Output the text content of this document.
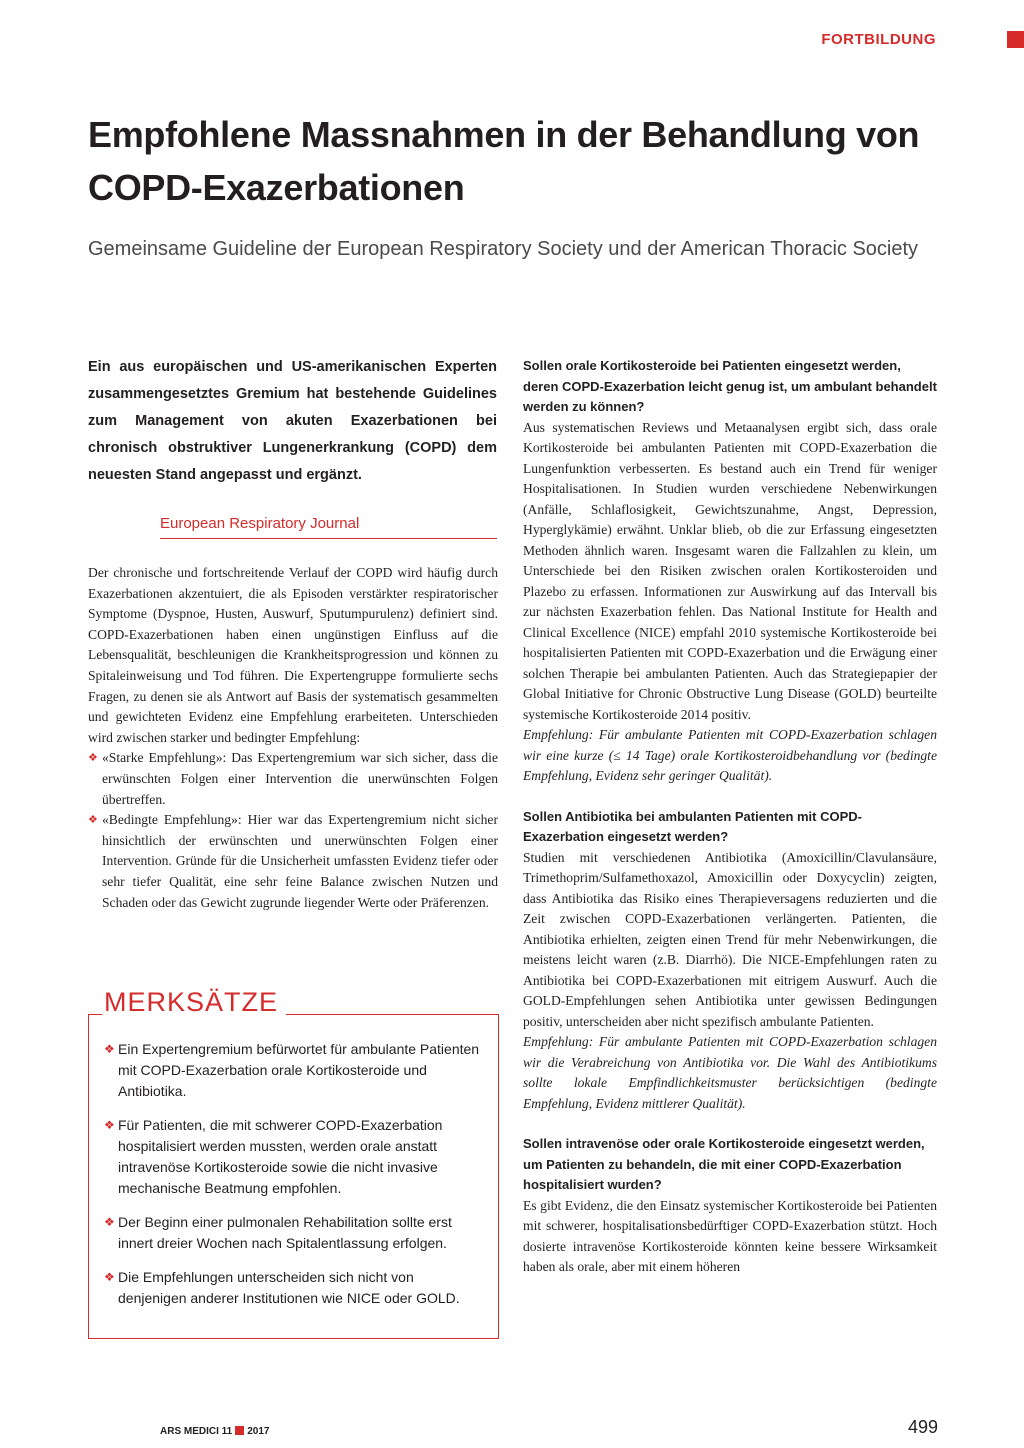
FORTBILDUNG
Empfohlene Massnahmen in der Behandlung von COPD-Exazerbationen
Gemeinsame Guideline der European Respiratory Society und der American Thoracic Society

Ein aus europäischen und US-amerikanischen Experten zusammengesetztes Gremium hat bestehende Guidelines zum Management von akuten Exazerbationen bei chronisch obstruktiver Lungenerkrankung (COPD) dem neuesten Stand angepasst und ergänzt.

European Respiratory Journal

Der chronische und fortschreitende Verlauf der COPD wird häufig durch Exazerbationen akzentuiert, die als Episoden verstärkter respiratorischer Symptome (Dyspnoe, Husten, Auswurf, Sputumpurulenz) definiert sind. COPD-Exazerbationen haben einen ungünstigen Einfluss auf die Lebensqualität, beschleunigen die Krankheitsprogression und können zu Spitaleinweisung und Tod führen. Die Expertengruppe formulierte sechs Fragen, zu denen sie als Antwort auf Basis der systematisch gesammelten und gewichteten Evidenz eine Empfehlung erarbeiteten. Unterschieden wird zwischen starker und bedingter Empfehlung:

❖ «Starke Empfehlung»: Das Expertengremium war sich sicher, dass die erwünschten Folgen einer Intervention die unerwünschten Folgen übertreffen.
❖ «Bedingte Empfehlung»: Hier war das Expertengremium nicht sicher hinsichtlich der erwünschten und unerwünschten Folgen einer Intervention. Gründe für die Unsicherheit umfassten Evidenz tiefer oder sehr tiefer Qualität, eine sehr feine Balance zwischen Nutzen und Schaden oder das Gewicht zugrunde liegender Werte oder Präferenzen.
MERKSÄTZE
❖ Ein Expertengremium befürwortet für ambulante Patienten mit COPD-Exazerbation orale Kortikosteroide und Antibiotika.
❖ Für Patienten, die mit schwerer COPD-Exazerbation hospitalisiert werden mussten, werden orale anstatt intravenöse Kortikosteroide sowie die nicht invasive mechanische Beatmung empfohlen.
❖ Der Beginn einer pulmonalen Rehabilitation sollte erst innert dreier Wochen nach Spitalentlassung erfolgen.
❖ Die Empfehlungen unterscheiden sich nicht von denjenigen anderer Institutionen wie NICE oder GOLD.
Sollen orale Kortikosteroide bei Patienten eingesetzt werden, deren COPD-Exazerbation leicht genug ist, um ambulant behandelt werden zu können?

Aus systematischen Reviews und Metaanalysen ergibt sich, dass orale Kortikosteroide bei ambulanten Patienten mit COPD-Exazerbation die Lungenfunktion verbesserten. Es bestand auch ein Trend für weniger Hospitalisationen. In Studien wurden verschiedene Nebenwirkungen (Anfälle, Schlaflosigkeit, Gewichtszunahme, Angst, Depression, Hyperglykämie) erwähnt. Unklar blieb, ob die zur Erfassung eingesetzten Methoden ähnlich waren. Insgesamt waren die Fallzahlen zu klein, um Unterschiede bei den Risiken zwischen oralen Kortikosteroiden und Plazebo zu erfassen. Informationen zur Auswirkung auf das Intervall bis zur nächsten Exazerbation fehlen. Das National Institute for Health and Clinical Excellence (NICE) empfahl 2010 systemische Kortikosteroide bei hospitalisierten Patienten mit COPD-Exazerbation und die Erwägung einer solchen Therapie bei ambulanten Patienten. Auch das Strategiepapier der Global Initiative for Chronic Obstructive Lung Disease (GOLD) beurteilte systemische Kortikosteroide 2014 positiv.

Empfehlung: Für ambulante Patienten mit COPD-Exazerbation schlagen wir eine kurze (≤ 14 Tage) orale Kortikosteroidbehandlung vor (bedingte Empfehlung, Evidenz sehr geringer Qualität).

Sollen Antibiotika bei ambulanten Patienten mit COPD-Exazerbation eingesetzt werden?

Studien mit verschiedenen Antibiotika (Amoxicillin/Clavulansäure, Trimethoprim/Sulfamethoxazol, Amoxicillin oder Doxycyclin) zeigten, dass Antibiotika das Risiko eines Therapieversagens reduzierten und die Zeit zwischen COPD-Exazerbationen verlängerten. Patienten, die Antibiotika erhielten, zeigten einen Trend für mehr Nebenwirkungen, die meistens leicht waren (z.B. Diarrhö). Die NICE-Empfehlungen raten zu Antibiotika bei COPD-Exazerbationen mit eitrigem Auswurf. Auch die GOLD-Empfehlungen sehen Antibiotika unter gewissen Bedingungen positiv, unterscheiden aber nicht spezifisch ambulante Patienten.

Empfehlung: Für ambulante Patienten mit COPD-Exazerbation schlagen wir die Verabreichung von Antibiotika vor. Die Wahl des Antibiotikums sollte lokale Empfindlichkeitsmuster berücksichtigen (bedingte Empfehlung, Evidenz mittlerer Qualität).

Sollen intravenöse oder orale Kortikosteroide eingesetzt werden, um Patienten zu behandeln, die mit einer COPD-Exazerbation hospitalisiert wurden?

Es gibt Evidenz, die den Einsatz systemischer Kortikosteroide bei Patienten mit schwerer, hospitalisationsbedürftiger COPD-Exazerbation stützt. Hoch dosierte intravenöse Kortikosteroide könnten keine bessere Wirksamkeit haben als orale, aber mit einem höheren

ARS MEDICI 11 2017	499
